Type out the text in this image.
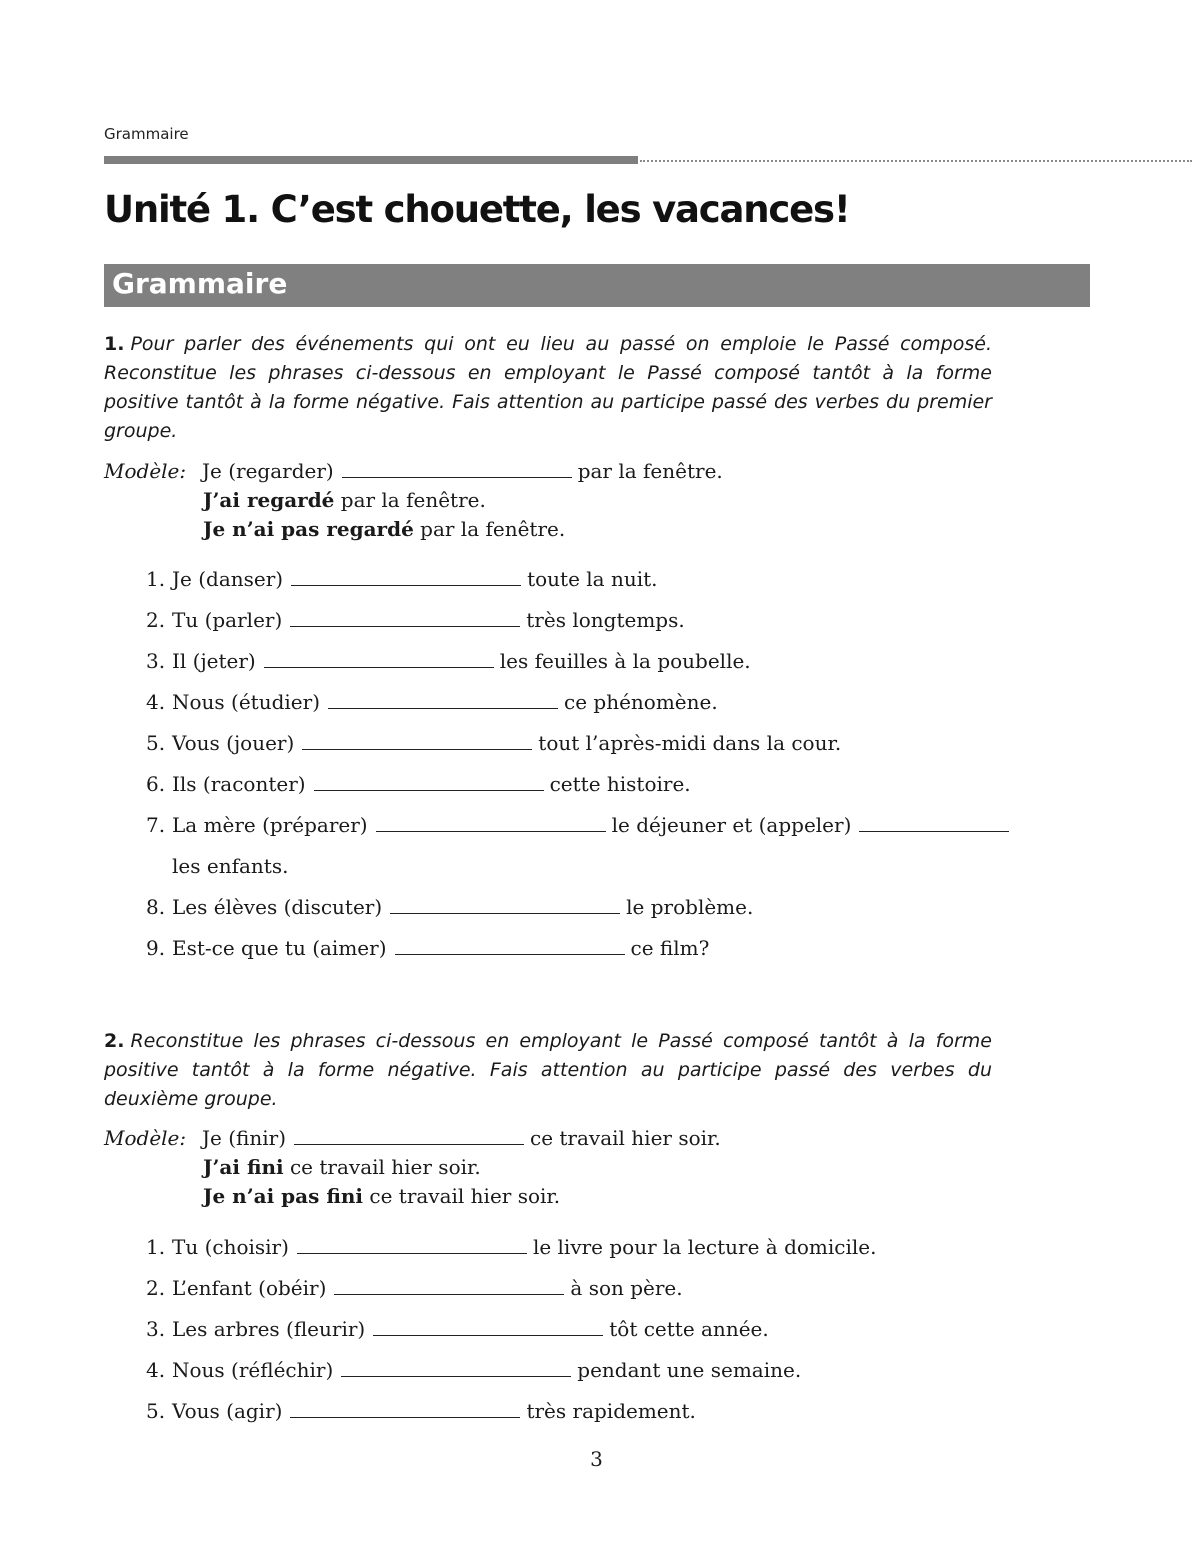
Grammaire
Unité 1. C’est chouette, les vacances!
Grammaire

1. Pour parler des événements qui ont eu lieu au passé on emploie le Passé composé. Reconstitue les phrases ci-dessous en employant le Passé composé tantôt à la forme positive tantôt à la forme négative. Fais attention au participe passé des verbes du premier groupe.

Modèle: Je (regarder)	par la fenêtre.
J’ai regardé
par la fenêtre.
Je n’ai pas regardé
par la fenêtre.
1. Je (danser)	toute la nuit.
2. Tu (parler)	très longtemps.
3. Il (jeter)	les feuilles à la poubelle.
4. Nous (étudier)	ce phénomène.
5. Vous (jouer)	tout l’après-midi dans la cour.
6. Ils (raconter)	cette histoire.
7. La mère (préparer)	le déjeuner et (appeler)
les enfants.
8. Les élèves (discuter)	le problème.
9. Est-ce que tu (aimer)	ce film?

2. Reconstitue les phrases ci-dessous en employant le Passé composé tantôt à la forme positive tantôt à la forme négative. Fais attention au participe passé des verbes du deuxième groupe.

Modèle: Je (finir)	ce travail hier soir.
J’ai fini
ce travail hier soir.
Je n’ai pas fini
ce travail hier soir.
1. Tu (choisir)	le livre pour la lecture à domicile.
2. L’enfant (obéir)	à son père.
3. Les arbres (fleurir)	tôt cette année.
4. Nous (réfléchir)	pendant une semaine.
5. Vous (agir)	très rapidement.
3
